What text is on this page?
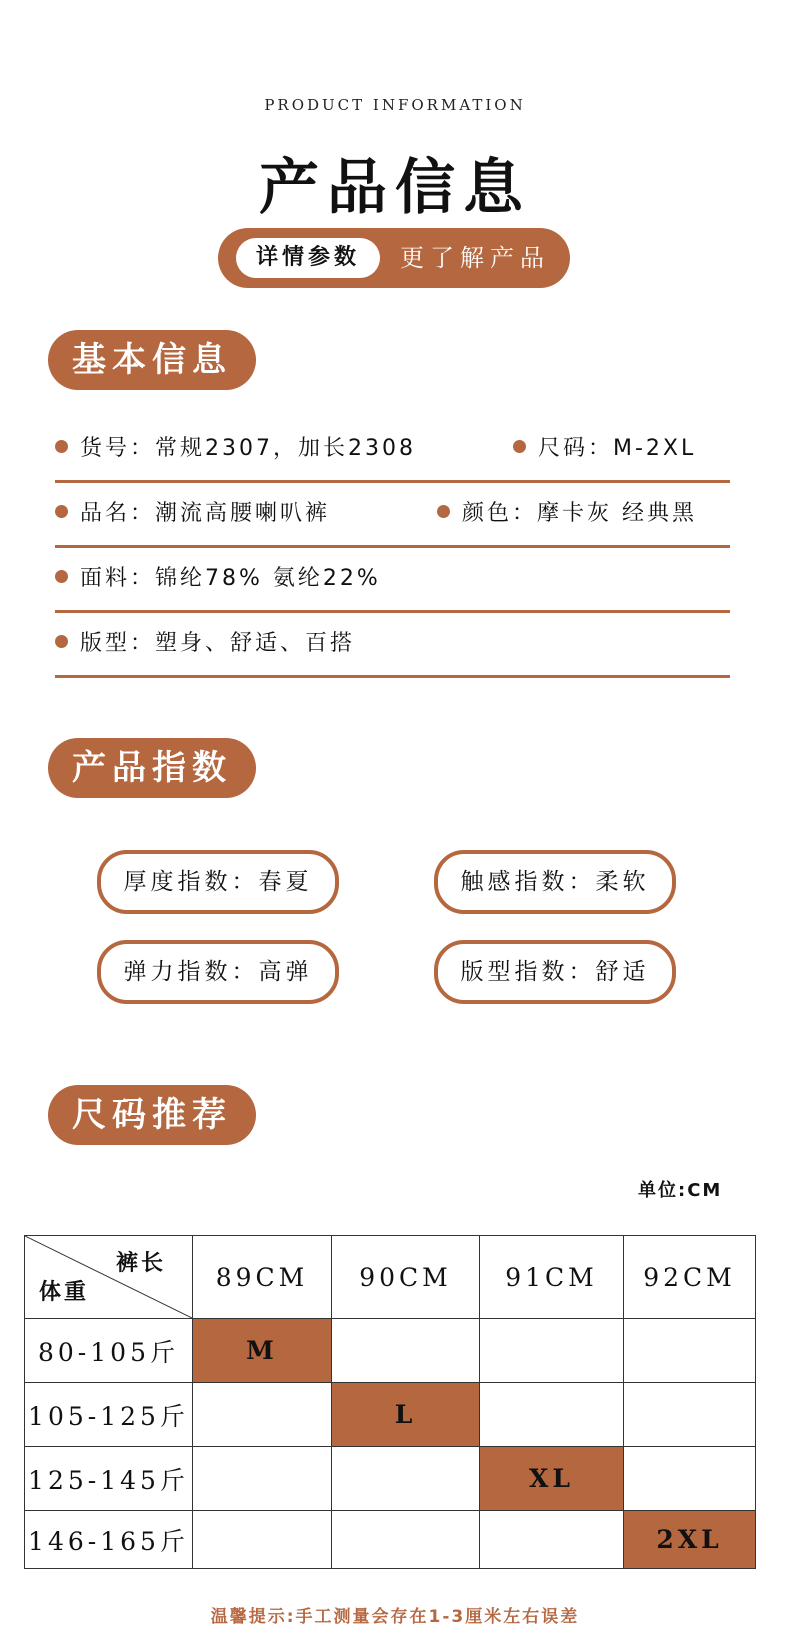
PRODUCT INFORMATION
产品信息
详情参数	更了解产品
基本信息
货号：常规2307，加长2308	尺码：M-2XL
品名：潮流高腰喇叭裤	颜色：摩卡灰 经典黑
面料：锦纶78% 氨纶22%
版型：塑身、舒适、百搭
产品指数
厚度指数：春夏	触感指数：柔软
弹力指数：高弹	版型指数：舒适
尺码推荐
单位:CM
裤长
体重	89CM	90CM	91CM	92CM
80-105斤	M			
105-125斤		L		
125-145斤			XL	
146-165斤				2XL
温馨提示:手工测量会存在1-3厘米左右误差
